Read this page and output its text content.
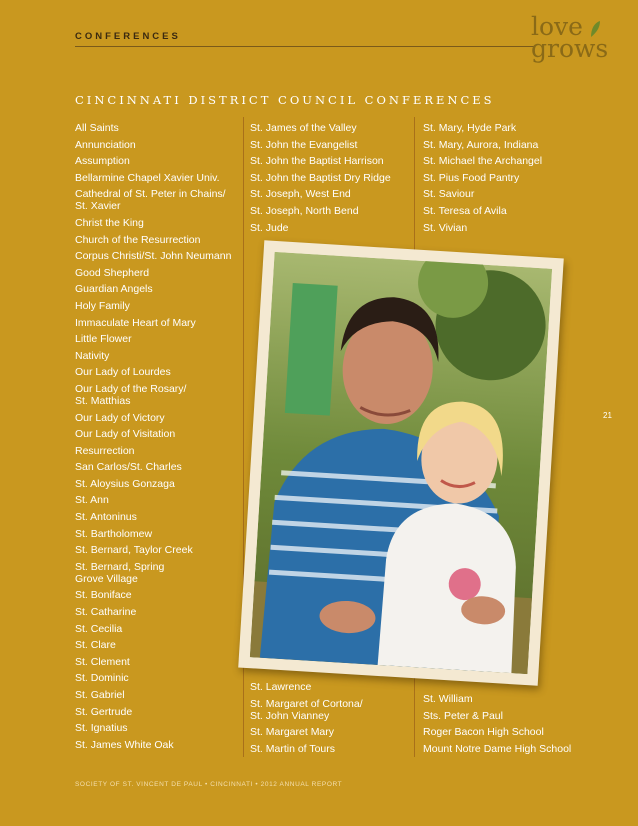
CONFERENCES	love
grows
CINCINNATI DISTRICT COUNCIL CONFERENCES
All Saints
Annunciation
Assumption
Bellarmine Chapel Xavier Univ.
Cathedral of St. Peter in Chains/
St. Xavier
Christ the King
Church of the Resurrection
Corpus Christi/St. John Neumann
Good Shepherd
Guardian Angels
Holy Family
Immaculate Heart of Mary
Little Flower
Nativity
Our Lady of Lourdes
Our Lady of the Rosary/
St. Matthias
Our Lady of Victory
Our Lady of Visitation
Resurrection
San Carlos/St. Charles
St. Aloysius Gonzaga
St. Ann
St. Antoninus
St. Bartholomew
St. Bernard, Taylor Creek
St. Bernard, Spring
Grove Village
St. Boniface
St. Catharine
St. Cecilia
St. Clare
St. Clement
St. Dominic
St. Gabriel
St. Gertrude
St. Ignatius
St. James White Oak
St. James of the Valley
St. John the Evangelist
St. John the Baptist Harrison
St. John the Baptist Dry Ridge
St. Joseph, West End
St. Joseph, North Bend
St. Jude
St. Mary, Hyde Park
St. Mary, Aurora, Indiana
St. Michael the Archangel
St. Pius Food Pantry
St. Saviour
St. Teresa of Avila
St. Vivian
St. Lawrence
St. Margaret of Cortona/
St. John Vianney
St. Margaret Mary
St. Martin of Tours
St. William
Sts. Peter & Paul
Roger Bacon High School
Mount Notre Dame High School
21
SOCIETY OF ST. VINCENT DE PAUL • CINCINNATI • 2012 ANNUAL REPORT
